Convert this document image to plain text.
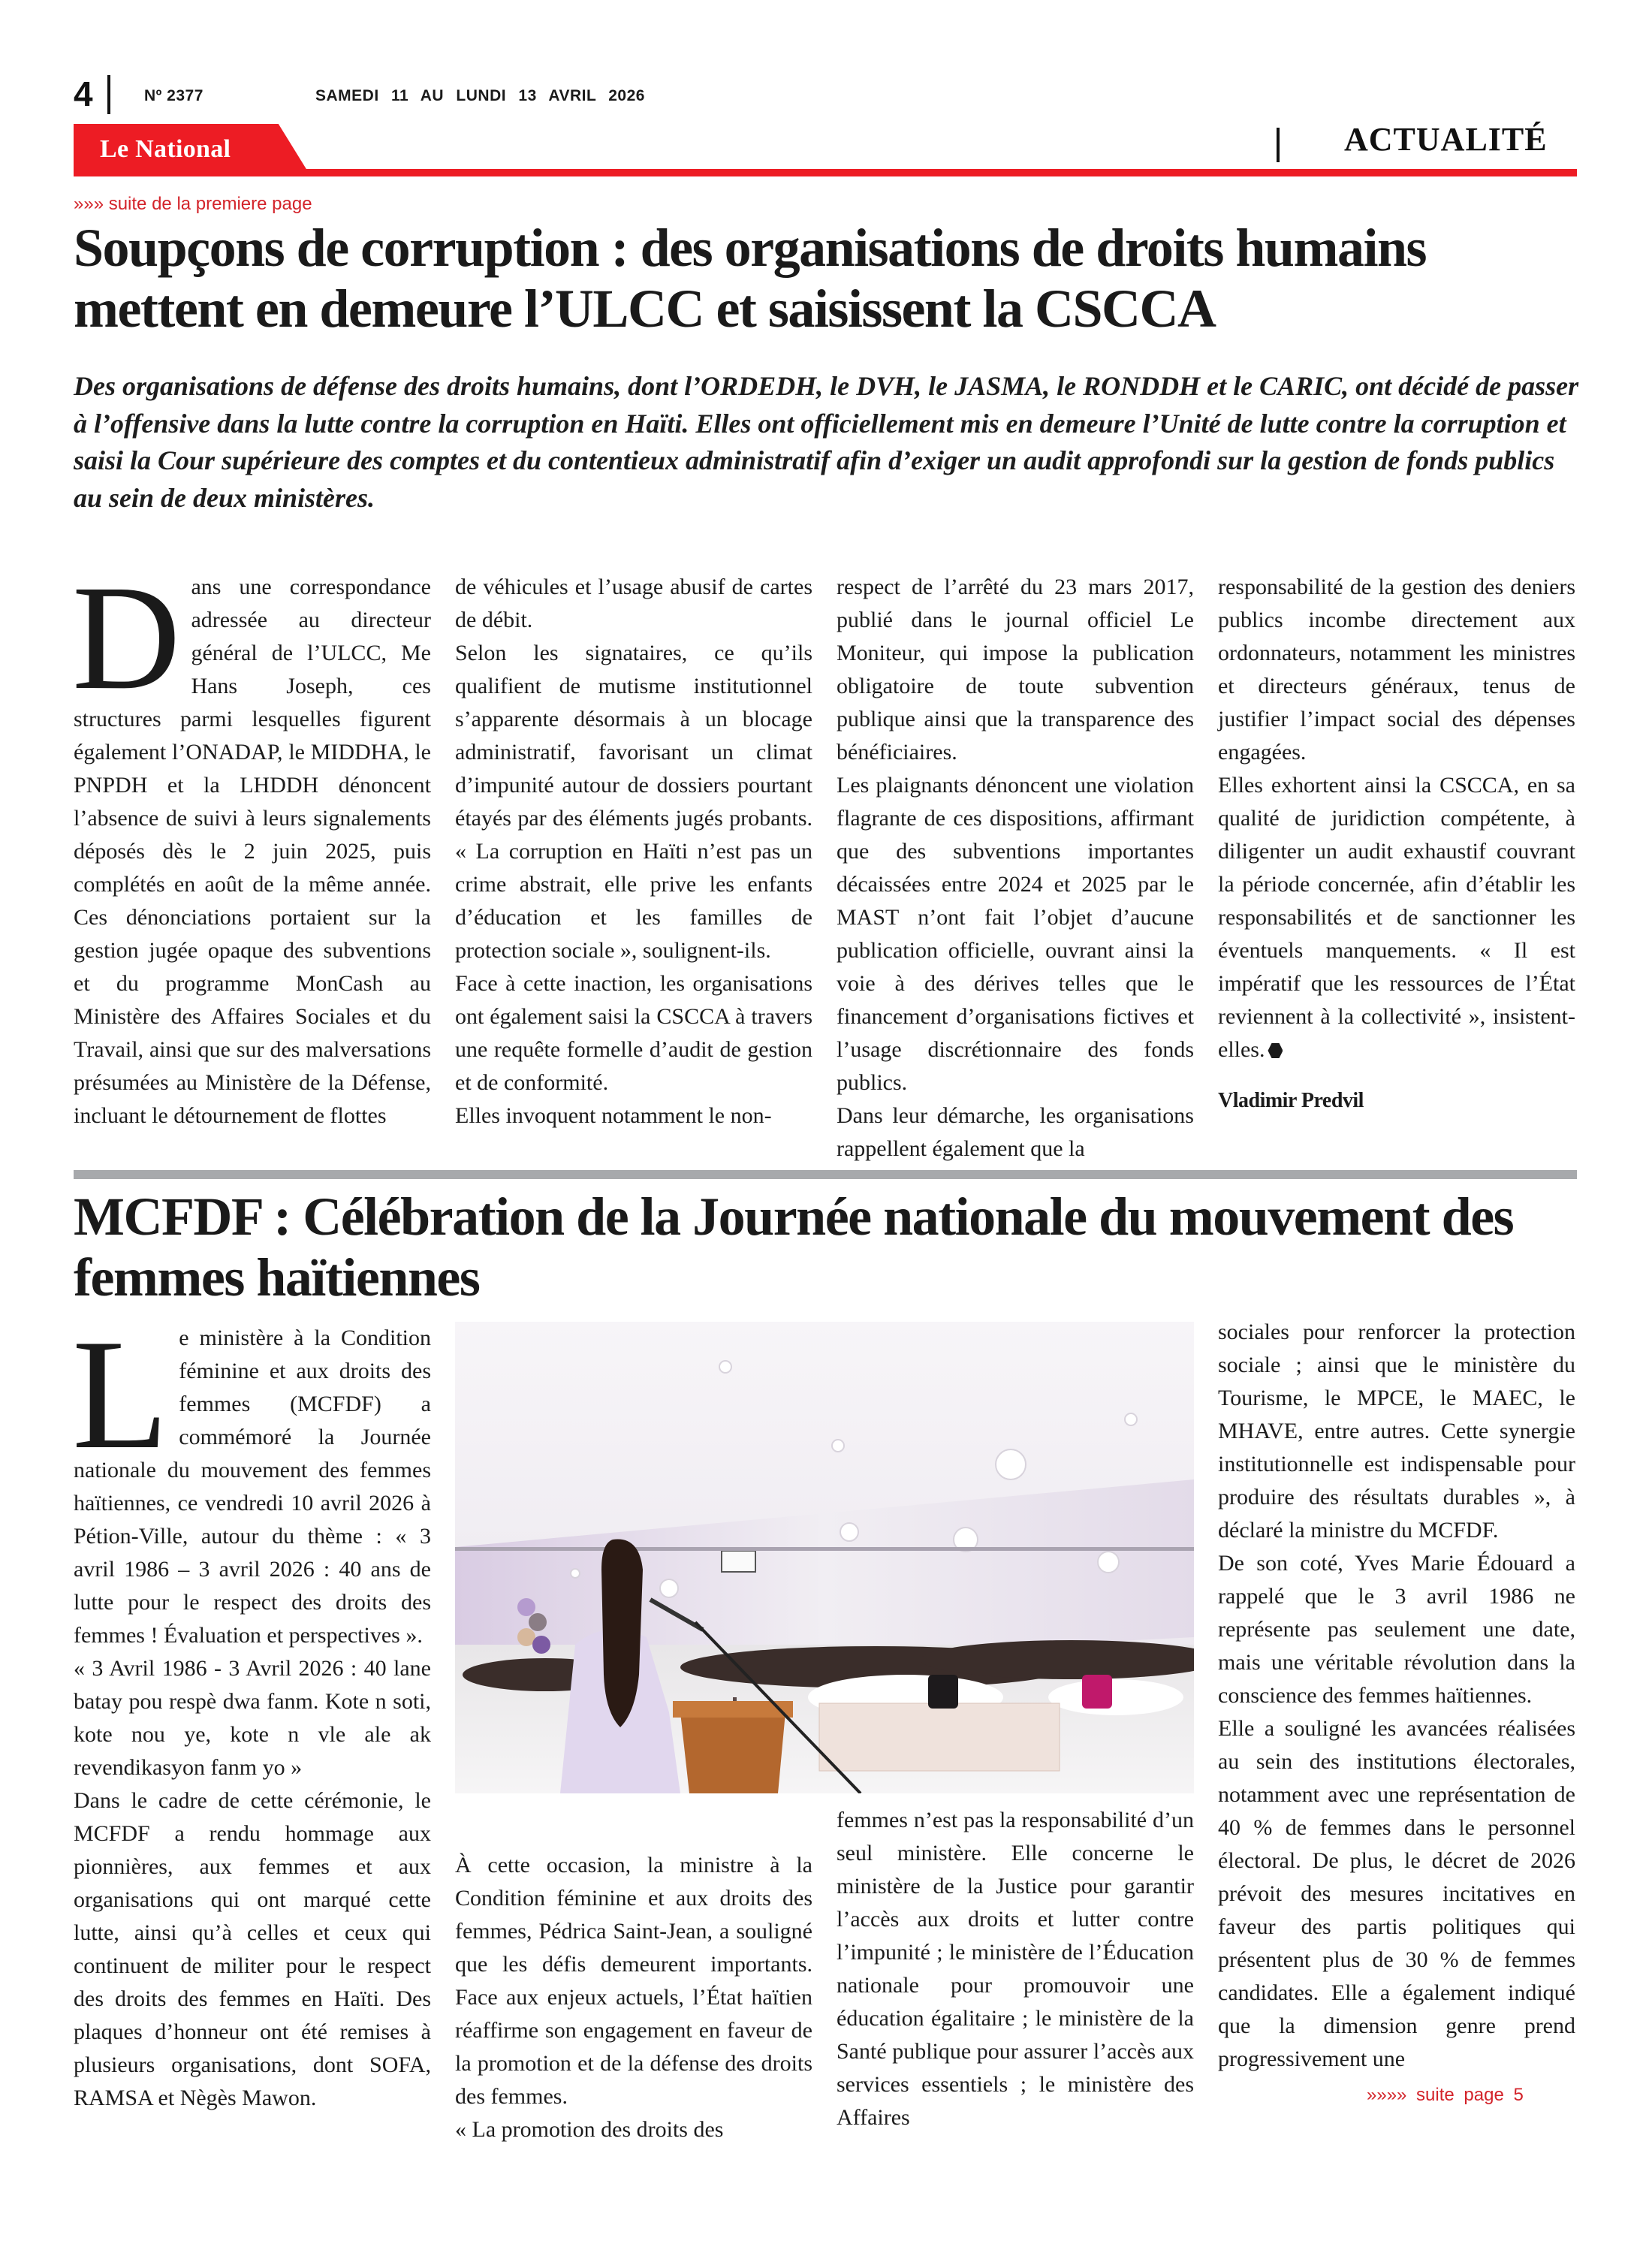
4	Nº 2377	SAMEDI 11 AU LUNDI 13 AVRIL 2026
Le National	ACTUALITÉ
»»» suite de la premiere page
Soupçons de corruption : des organisations de droits humains mettent en demeure l’ULCC et saisissent la CSCCA
Des organisations de défense des droits humains, dont l’ORDEDH, le DVH, le JASMA, le RONDDH et le CARIC, ont décidé de passer à l’offensive dans la lutte contre la corruption en Haïti. Elles ont officiellement mis en demeure l’Unité de lutte contre la corruption et saisi la Cour supérieure des comptes et du contentieux administratif afin d’exiger un audit approfondi sur la gestion de fonds publics au sein de deux ministères.
D ans une correspondance adressée au directeur général de l’ULCC, Me Hans Joseph, ces structures parmi lesquelles figurent également l’ONADAP, le MIDDHA, le PNPDH et la LHDDH dénoncent l’absence de suivi à leurs signalements déposés dès le 2 juin 2025, puis complétés en août de la même année. Ces dénonciations portaient sur la gestion jugée opaque des subventions et du programme MonCash au Ministère des Affaires Sociales et du Travail, ainsi que sur des malversations présumées au Ministère de la Défense, incluant le détournement de flottes

de véhicules et l’usage abusif de cartes de débit.

Selon les signataires, ce qu’ils qualifient de mutisme institutionnel s’apparente désormais à un blocage administratif, favorisant un climat d’impunité autour de dossiers pourtant étayés par des éléments jugés probants. « La corruption en Haïti n’est pas un crime abstrait, elle prive les enfants d’éducation et les familles de protection sociale », soulignent-ils.

Face à cette inaction, les organisations ont également saisi la CSCCA à travers une requête formelle d’audit de gestion et de conformité.

Elles invoquent notamment le non-

respect de l’arrêté du 23 mars 2017, publié dans le journal officiel Le Moniteur, qui impose la publication obligatoire de toute subvention publique ainsi que la transparence des bénéficiaires.

Les plaignants dénoncent une violation flagrante de ces dispositions, affirmant que des subventions importantes décaissées entre 2024 et 2025 par le MAST n’ont fait l’objet d’aucune publication officielle, ouvrant ainsi la voie à des dérives telles que le financement d’organisations fictives et l’usage discrétionnaire des fonds publics.

Dans leur démarche, les organisations rappellent également que la

responsabilité de la gestion des deniers publics incombe directement aux ordonnateurs, notamment les ministres et directeurs généraux, tenus de justifier l’impact social des dépenses engagées.

Elles exhortent ainsi la CSCCA, en sa qualité de juridiction compétente, à diligenter un audit exhaustif couvrant la période concernée, afin d’établir les responsabilités et de sanctionner les éventuels manquements. « Il est impératif que les ressources de l’État reviennent à la collectivité », insistent-elles.

Vladimir Predvil

MCFDF : Célébration de la Journée nationale du mouvement des femmes haïtiennes
L e ministère à la Condition féminine et aux droits des femmes (MCFDF) a commémoré la Journée nationale du mouvement des femmes haïtiennes, ce vendredi 10 avril 2026 à Pétion-Ville, autour du thème : « 3 avril 1986 – 3 avril 2026 : 40 ans de lutte pour le respect des droits des femmes ! Évaluation et perspectives ».

« 3 Avril 1986 - 3 Avril 2026 : 40 lane batay pou respè dwa fanm. Kote n soti, kote nou ye, kote n vle ale ak revendikasyon fanm yo »

Dans le cadre de cette cérémonie, le MCFDF a rendu hommage aux pionnières, aux femmes et aux organisations qui ont marqué cette lutte, ainsi qu’à celles et ceux qui continuent de militer pour le respect des droits des femmes en Haïti. Des plaques d’honneur ont été remises à plusieurs organisations, dont SOFA, RAMSA et Nègès Mawon.

À cette occasion, la ministre à la Condition féminine et aux droits des femmes, Pédrica Saint-Jean, a souligné que les défis demeurent importants. Face aux enjeux actuels, l’État haïtien réaffirme son engagement en faveur de la promotion et de la défense des droits des femmes.

« La promotion des droits des

femmes n’est pas la responsabilité d’un seul ministère. Elle concerne le ministère de la Justice pour garantir l’accès aux droits et lutter contre l’impunité ; le ministère de l’Éducation nationale pour promouvoir une éducation égalitaire ; le ministère de la Santé publique pour assurer l’accès aux services essentiels ; le ministère des Affaires

sociales pour renforcer la protection sociale ; ainsi que le ministère du Tourisme, le MPCE, le MAEC, le MHAVE, entre autres. Cette synergie institutionnelle est indispensable pour produire des résultats durables », à déclaré la ministre du MCFDF.

De son coté, Yves Marie Édouard a rappelé que le 3 avril 1986 ne représente pas seulement une date, mais une véritable révolution dans la conscience des femmes haïtiennes.

Elle a souligné les avancées réalisées au sein des institutions électorales, notamment avec une représentation de 40 % de femmes dans le personnel électoral. De plus, le décret de 2026 prévoit des mesures incitatives en faveur des partis politiques qui présentent plus de 30 % de femmes candidates. Elle a également indiqué que la dimension genre prend progressivement une

»»»» suite page 5
